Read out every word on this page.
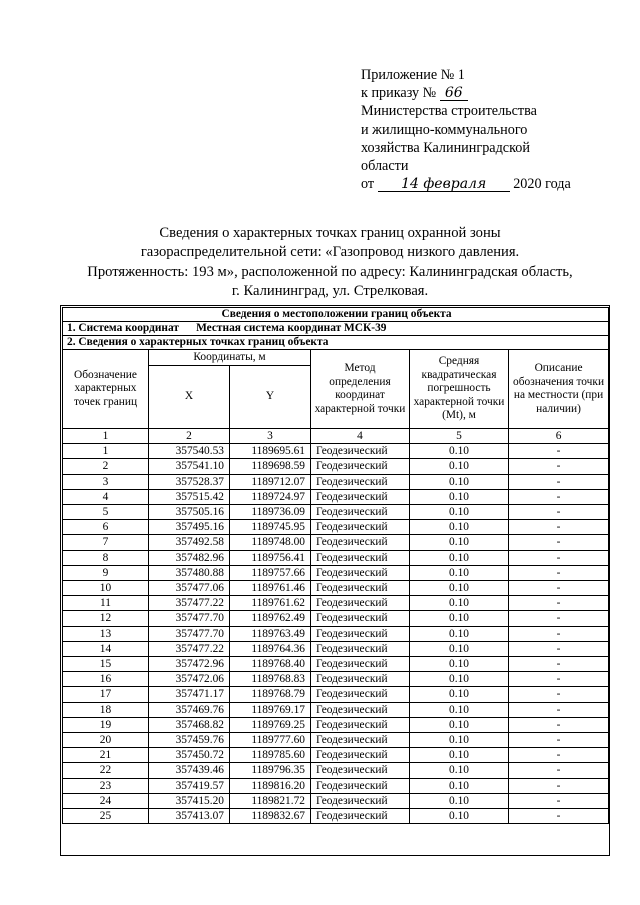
Приложение № 1
к приказу № 66
Министерства строительства
и жилищно-коммунального
хозяйства Калининградской
области
от 14 февраля 2020 года
Сведения о характерных точках границ охранной зоны
газораспределительной сети: «Газопровод низкого давления.
Протяженность: 193 м», расположенной по адресу: Калининградская область,
г. Калининград, ул. Стрелковая.
Сведения о местоположении границ объекта					
1. Система координат      Местная система координат МСК-39					
2. Сведения о характерных точках границ объекта					
Обозначение характерных точек границ	Координаты, м		Метод определения координат характерной точки	Средняя квадратическая погрешность характерной точки (Mt), м	Описание обозначения точки на местности (при наличии)
	X	Y			
1	2	3	4	5	6
1	357540.53	1189695.61	Геодезический	0.10	-
2	357541.10	1189698.59	Геодезический	0.10	-
3	357528.37	1189712.07	Геодезический	0.10	-
4	357515.42	1189724.97	Геодезический	0.10	-
5	357505.16	1189736.09	Геодезический	0.10	-
6	357495.16	1189745.95	Геодезический	0.10	-
7	357492.58	1189748.00	Геодезический	0.10	-
8	357482.96	1189756.41	Геодезический	0.10	-
9	357480.88	1189757.66	Геодезический	0.10	-
10	357477.06	1189761.46	Геодезический	0.10	-
11	357477.22	1189761.62	Геодезический	0.10	-
12	357477.70	1189762.49	Геодезический	0.10	-
13	357477.70	1189763.49	Геодезический	0.10	-
14	357477.22	1189764.36	Геодезический	0.10	-
15	357472.96	1189768.40	Геодезический	0.10	-
16	357472.06	1189768.83	Геодезический	0.10	-
17	357471.17	1189768.79	Геодезический	0.10	-
18	357469.76	1189769.17	Геодезический	0.10	-
19	357468.82	1189769.25	Геодезический	0.10	-
20	357459.76	1189777.60	Геодезический	0.10	-
21	357450.72	1189785.60	Геодезический	0.10	-
22	357439.46	1189796.35	Геодезический	0.10	-
23	357419.57	1189816.20	Геодезический	0.10	-
24	357415.20	1189821.72	Геодезический	0.10	-
25	357413.07	1189832.67	Геодезический	0.10	-
